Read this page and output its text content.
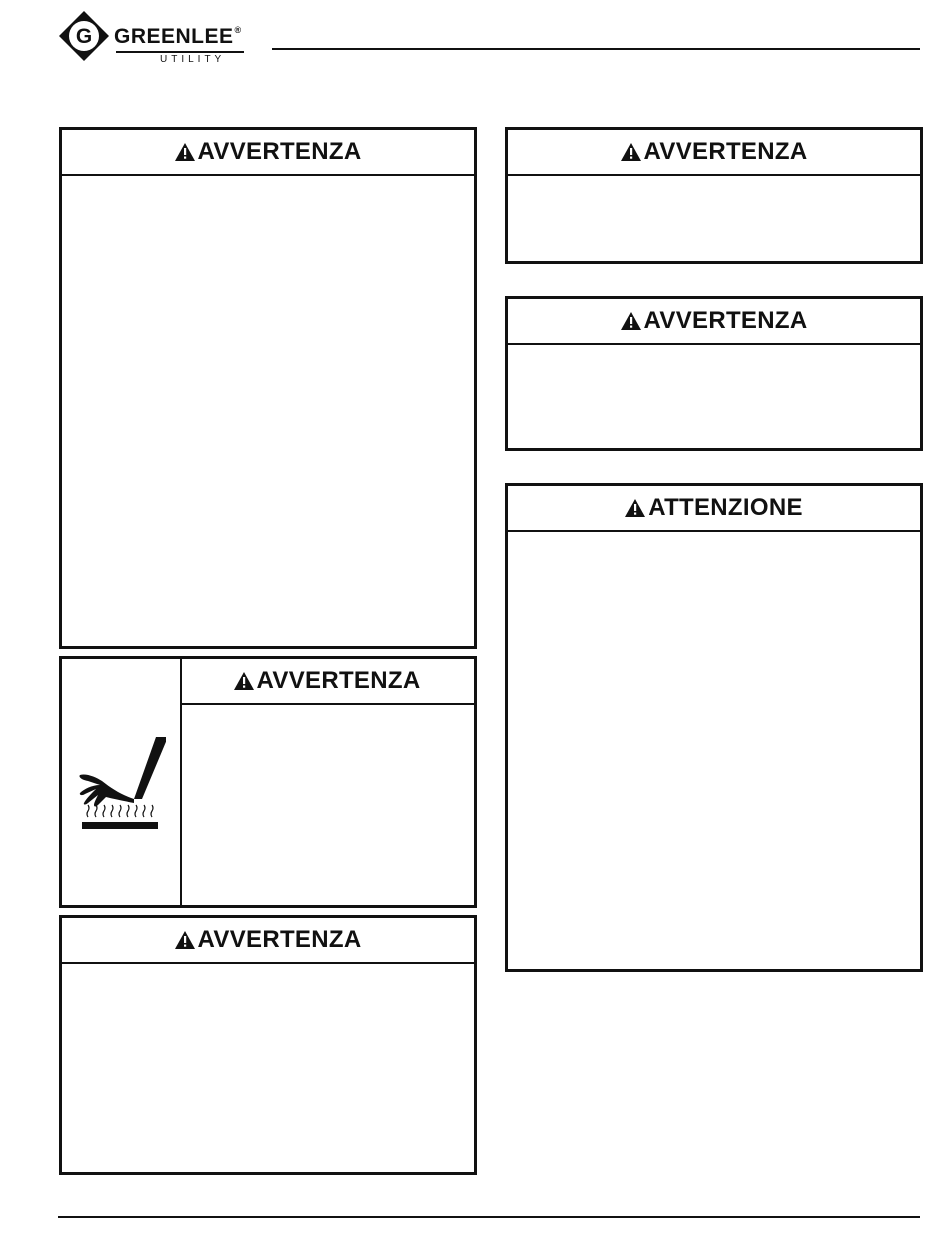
G GREENLEE®
UTILITY
AVVERTENZA
AVVERTENZA
AVVERTENZA
AVVERTENZA
AVVERTENZA
ATTENZIONE
